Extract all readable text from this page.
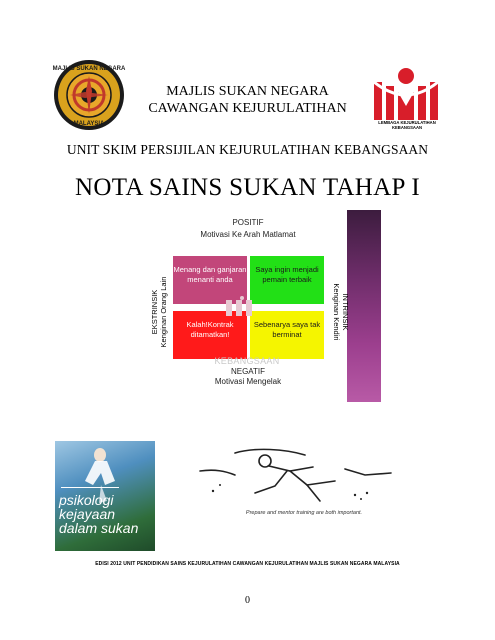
MAJLIS SUKAN NEGARA
MALAYSIA
MAJLIS SUKAN NEGARA
CAWANGAN KEJURULATIHAN
LEMBAGA KEJURULATIHAN
KEBANGSAAN
UNIT SKIM PERSIJILAN KEJURULATIHAN KEBANGSAAN
NOTA SAINS SUKAN TAHAP I
POSITIF
Motivasi Ke Arah Matlamat
Menang dan ganjaran menanti anda
Saya ingin menjadi pemain terbaik
Kalah!Kontrak ditamatkan!
Sebenarya saya tak berminat
EKSTRINSIK Kenginan Orang Lain	INTRINSIK
Kenginan Kendiri
KEBANGSAAN
NEGATIF
Motivasi Mengelak
psikologi
kejayaan
dalam sukan
Prepare and mentor training are both important.
EDISI 2012 UNIT PENDIDIKAN SAINS KEJURULATIHAN CAWANGAN KEJURULATIHAN MAJLIS SUKAN NEGARA MALAYSIA
0
